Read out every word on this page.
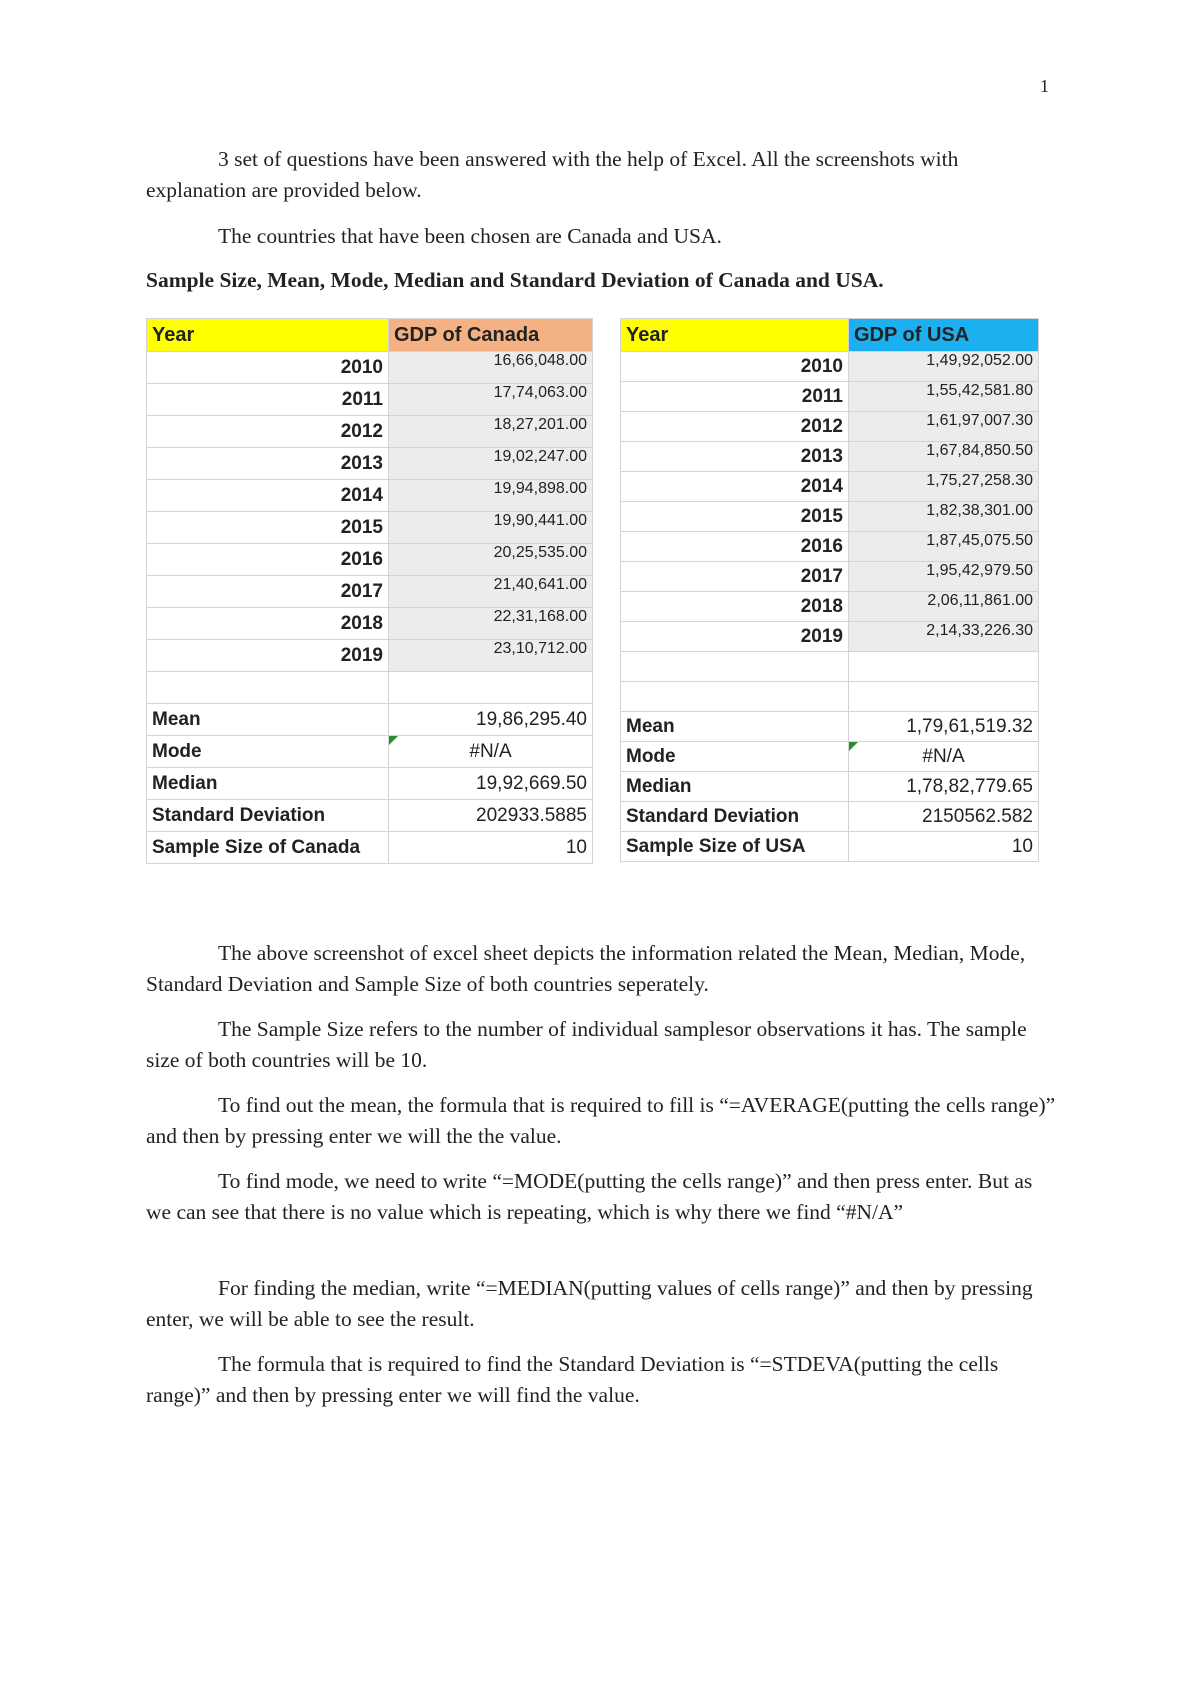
1

3 set of questions have been answered with the help of Excel. All the screenshots with explanation are provided below.

The countries that have been chosen are Canada and USA.

Sample Size, Mean, Mode, Median and Standard Deviation of Canada and USA.

Year	GDP of Canada
2010	16,66,048.00
2011	17,74,063.00
2012	18,27,201.00
2013	19,02,247.00
2014	19,94,898.00
2015	19,90,441.00
2016	20,25,535.00
2017	21,40,641.00
2018	22,31,168.00
2019	23,10,712.00

Mean	19,86,295.40
Mode	#N/A
Median	19,92,669.50
Standard Deviation	202933.5885
Sample Size of Canada	10
Year	GDP of USA
2010	1,49,92,052.00
2011	1,55,42,581.80
2012	1,61,97,007.30
2013	1,67,84,850.50
2014	1,75,27,258.30
2015	1,82,38,301.00
2016	1,87,45,075.50
2017	1,95,42,979.50
2018	2,06,11,861.00
2019	2,14,33,226.30

Mean	1,79,61,519.32
Mode	#N/A
Median	1,78,82,779.65
Standard Deviation	2150562.582
Sample Size of USA	10

The above screenshot of excel sheet depicts the information related the Mean, Median, Mode, Standard Deviation and Sample Size of both countries seperately.

The Sample Size refers to the number of individual samplesor observations it has. The sample size of both countries will be 10.

To find out the mean, the formula that is required to fill is “=AVERAGE(putting the cells range)” and then by pressing enter we will the the value.

To find mode, we need to write “=MODE(putting the cells range)” and then press enter. But as we can see that there is no value which is repeating, which is why there we find “#N/A”

For finding the median, write “=MEDIAN(putting values of cells range)” and then by pressing enter, we will be able to see the result.

The formula that is required to find the Standard Deviation is “=STDEVA(putting the cells range)” and then by pressing enter we will find the value.
